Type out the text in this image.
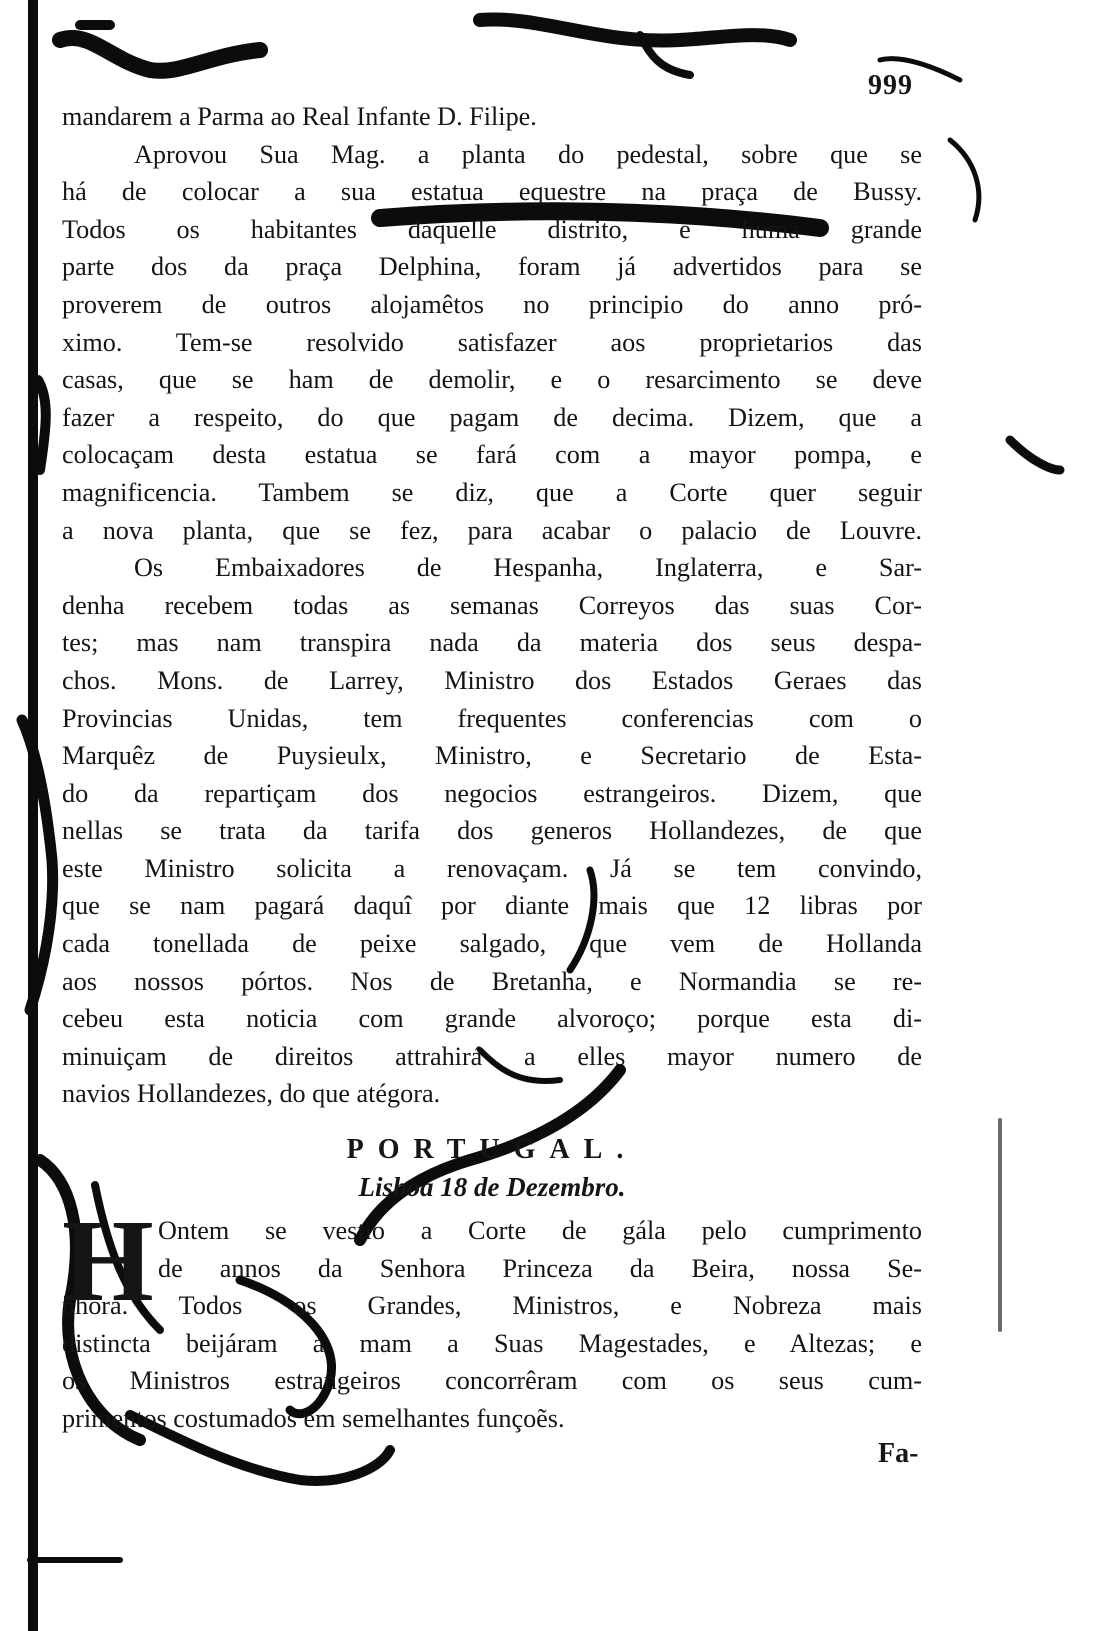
999
mandarem a Parma ao Real Infante D. Filipe.
Aprovou Sua Mag. a planta do pedestal, sobre que se
há de colocar a sua estatua equestre na praça de Bussy.
Todos os habitantes daquelle distrito, e huma grande
parte dos da praça Delphina, foram já advertidos para se
proverem de outros alojamêtos no principio do anno pró-
ximo. Tem-se resolvido satisfazer aos proprietarios das
casas, que se ham de demolir, e o resarcimento se deve
fazer a respeito, do que pagam de decima. Dizem, que a
colocaçam desta estatua se fará com a mayor pompa, e
magnificencia. Tambem se diz, que a Corte quer seguir
a nova planta, que se fez, para acabar o palacio de Louvre.
Os Embaixadores de Hespanha, Inglaterra, e Sar-
denha recebem todas as semanas Correyos das suas Cor-
tes; mas nam transpira nada da materia dos seus despa-
chos. Mons. de Larrey, Ministro dos Estados Geraes das
Provincias Unidas, tem frequentes conferencias com o
Marquêz de Puysieulx, Ministro, e Secretario de Esta-
do da repartiçam dos negocios estrangeiros. Dizem, que
nellas se trata da tarifa dos generos Hollandezes, de que
este Ministro solicita a renovaçam. Já se tem convindo,
que se nam pagará daquî por diante mais que 12 libras por
cada tonellada de peixe salgado, que vem de Hollanda
aos nossos pórtos. Nos de Bretanha, e Normandia se re-
cebeu esta noticia com grande alvoroço; porque esta di-
minuiçam de direitos attrahirá a elles mayor numero de
navios Hollandezes, do que atégora.
PORTUGAL.
Lisboa 18 de Dezembro.
H Ontem se vestio a Corte de gála pelo cumprimento
de annos da Senhora Princeza da Beira, nossa Se-
nhora. Todos os Grandes, Ministros, e Nobreza mais
distincta beijáram a mam a Suas Magestades, e Altezas; e
os Ministros estrangeiros concorrêram com os seus cum-
primentos costumados em semelhantes funçoẽs.
Fa-
